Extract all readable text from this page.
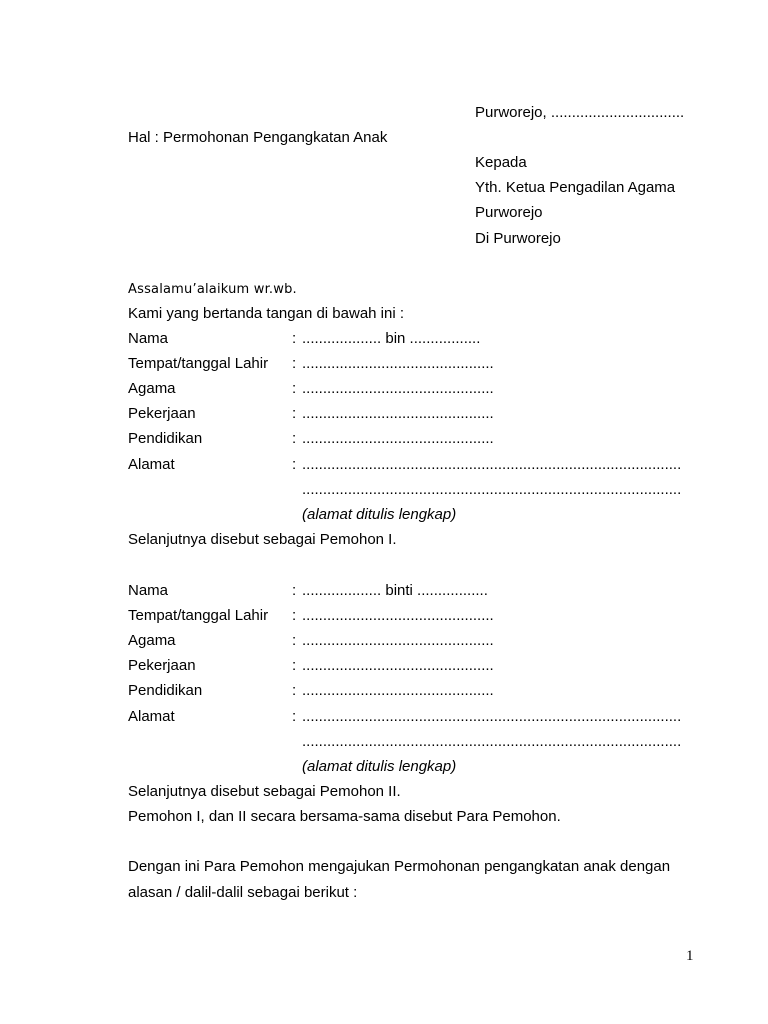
Purworejo, ................................
Hal : Permohonan Pengangkatan Anak
Kepada
Yth. Ketua Pengadilan Agama
Purworejo
Di Purworejo
Assalamu’alaikum wr.wb.
Kami yang bertanda tangan di bawah ini :
Nama	: ................... bin .................
Tempat/tanggal Lahir : ..............................................
Agama	: ..............................................
Pekerjaan	: ..............................................
Pendidikan	: ..............................................
Alamat	: ...........................................................................................
...........................................................................................
(alamat ditulis lengkap)
Selanjutnya disebut sebagai Pemohon I.
Nama	: ................... binti .................
Tempat/tanggal Lahir : ..............................................
Agama	: ..............................................
Pekerjaan	: ..............................................
Pendidikan	: ..............................................
Alamat	: ...........................................................................................
...........................................................................................
(alamat ditulis lengkap)
Selanjutnya disebut sebagai Pemohon II.
Pemohon I, dan II secara bersama-sama disebut Para Pemohon.
Dengan ini Para Pemohon mengajukan Permohonan pengangkatan anak dengan
alasan / dalil-dalil sebagai berikut :
1
